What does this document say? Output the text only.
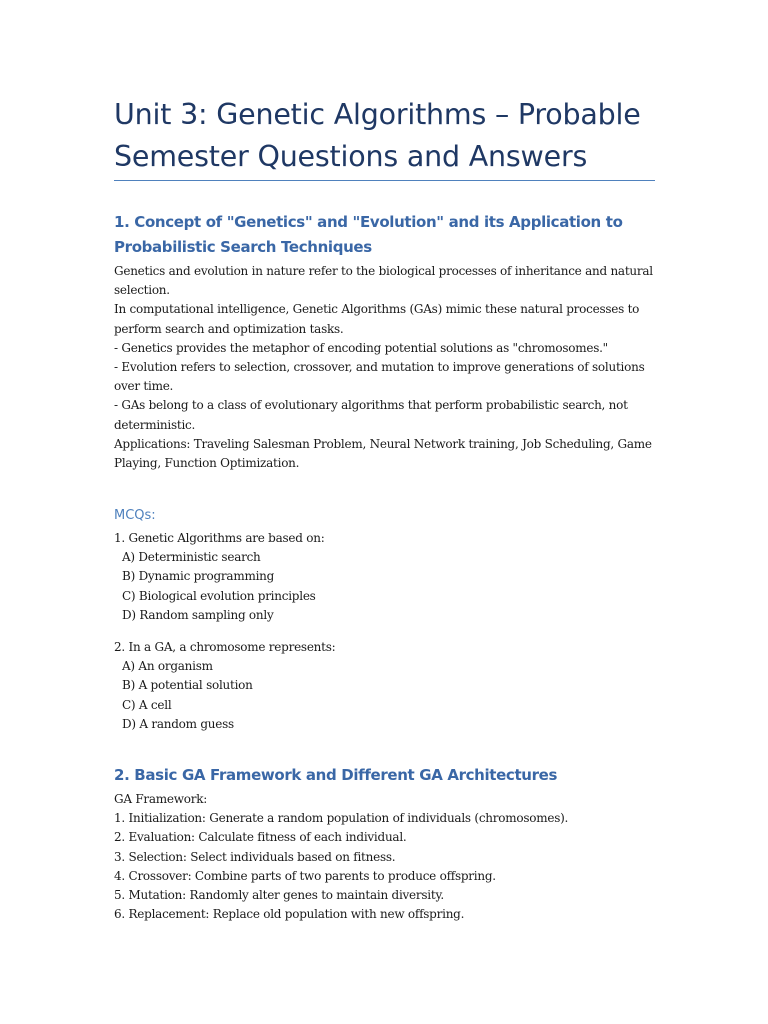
Unit 3: Genetic Algorithms – Probable
Semester Questions and Answers
1. Concept of "Genetics" and "Evolution" and its Application to
Probabilistic Search Techniques
Genetics and evolution in nature refer to the biological processes of inheritance and natural
selection.
In computational intelligence, Genetic Algorithms (GAs) mimic these natural processes to
perform search and optimization tasks.
- Genetics provides the metaphor of encoding potential solutions as "chromosomes."
- Evolution refers to selection, crossover, and mutation to improve generations of solutions
over time.
- GAs belong to a class of evolutionary algorithms that perform probabilistic search, not
deterministic.
Applications: Traveling Salesman Problem, Neural Network training, Job Scheduling, Game
Playing, Function Optimization.
MCQs:
1. Genetic Algorithms are based on:
A) Deterministic search
B) Dynamic programming
C) Biological evolution principles
D) Random sampling only
2. In a GA, a chromosome represents:
A) An organism
B) A potential solution
C) A cell
D) A random guess
2. Basic GA Framework and Different GA Architectures
GA Framework:
1. Initialization: Generate a random population of individuals (chromosomes).
2. Evaluation: Calculate fitness of each individual.
3. Selection: Select individuals based on fitness.
4. Crossover: Combine parts of two parents to produce offspring.
5. Mutation: Randomly alter genes to maintain diversity.
6. Replacement: Replace old population with new offspring.
